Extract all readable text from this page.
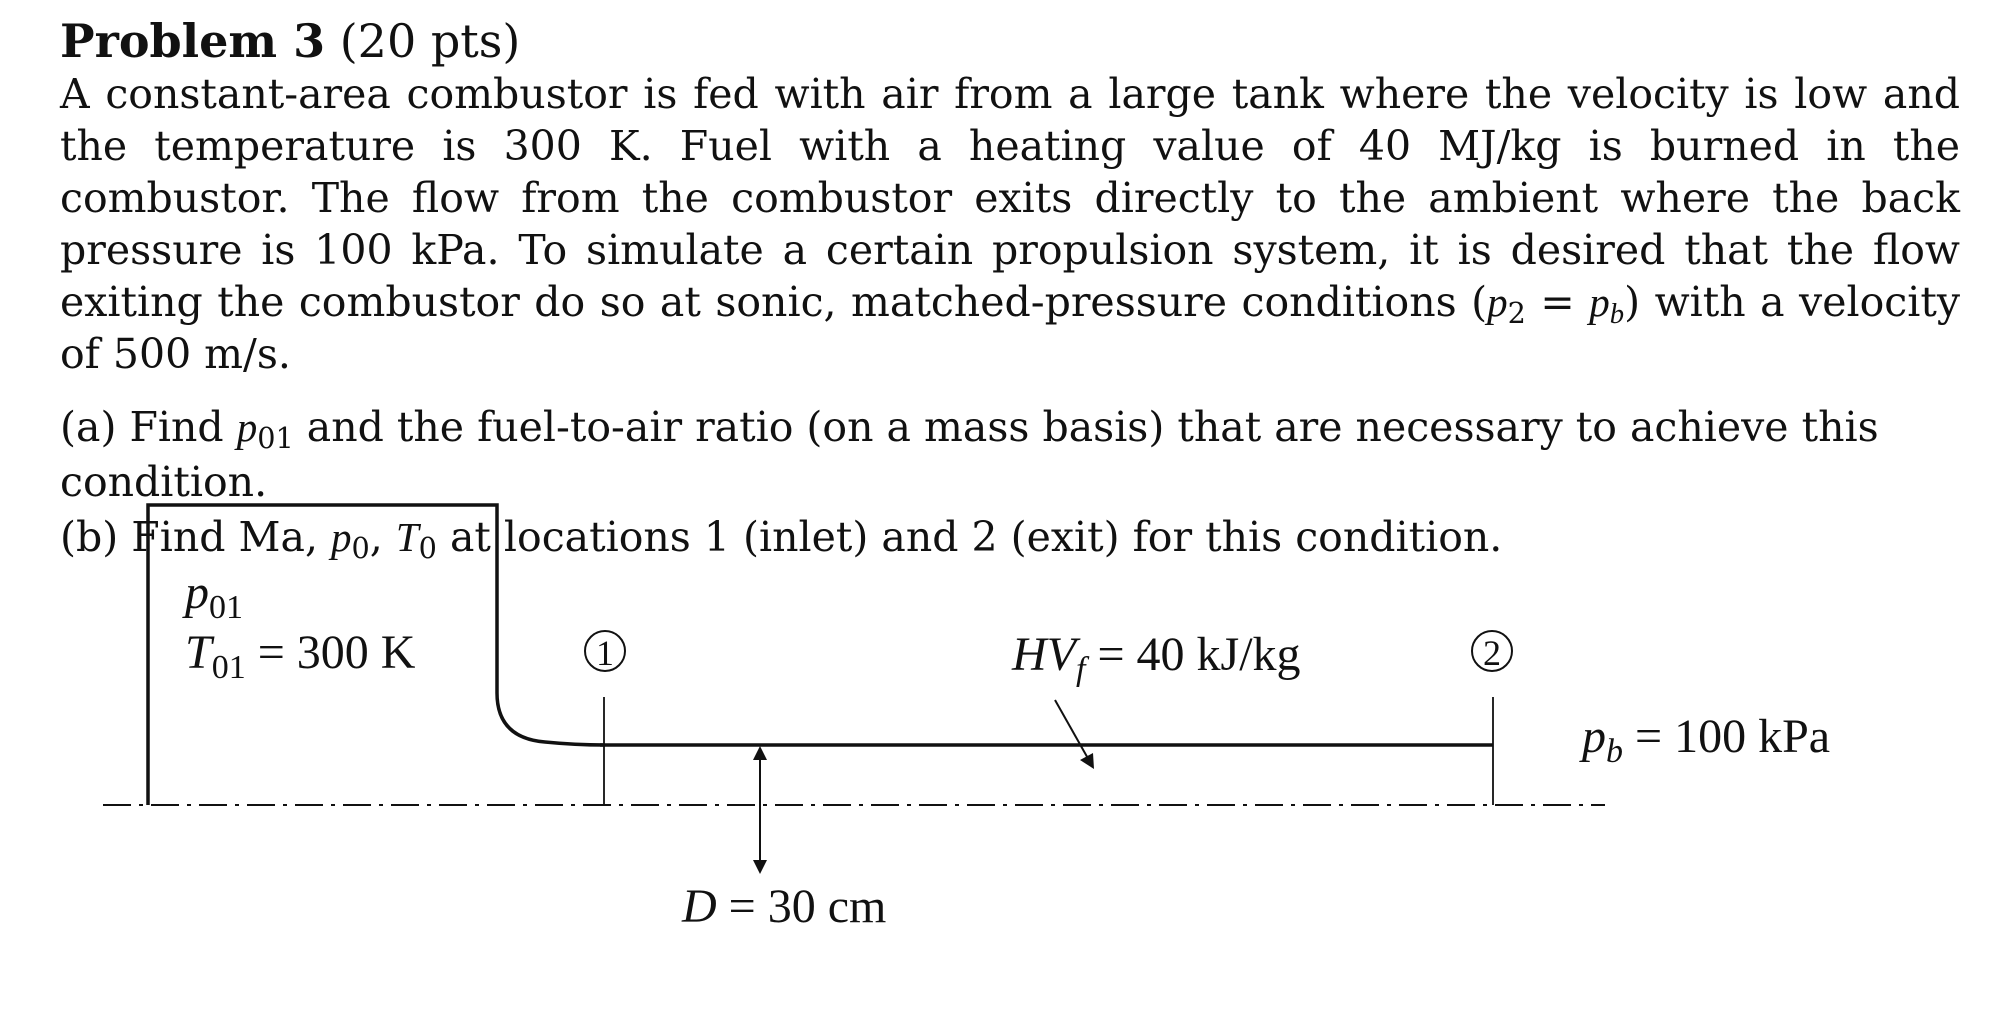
Problem 3 (20 pts)

A constant-area combustor is fed with air from a large tank where the velocity is low and the temperature is 300 K. Fuel with a heating value of 40 MJ/kg is burned in the combustor. The flow from the combustor exits directly to the ambient where the back pressure is 100 kPa. To simulate a certain propulsion system, it is desired that the flow exiting the combustor do so at sonic, matched-pressure conditions $(p_2 = p_b)$ with a velocity of 500 m/s.

(a) Find $p_{01}$ and the fuel-to-air ratio (on a mass basis) that are necessary to achieve this condition.

(b) Find Ma, $p_0$, $T_0$ at locations 1 (inlet) and 2 (exit) for this condition.

1	2
$p_{01}$
$T_{01} = 300$ K	$HV_f = 40$ kJ/kg
$p_b = 100$ kPa
D = 30 cm
